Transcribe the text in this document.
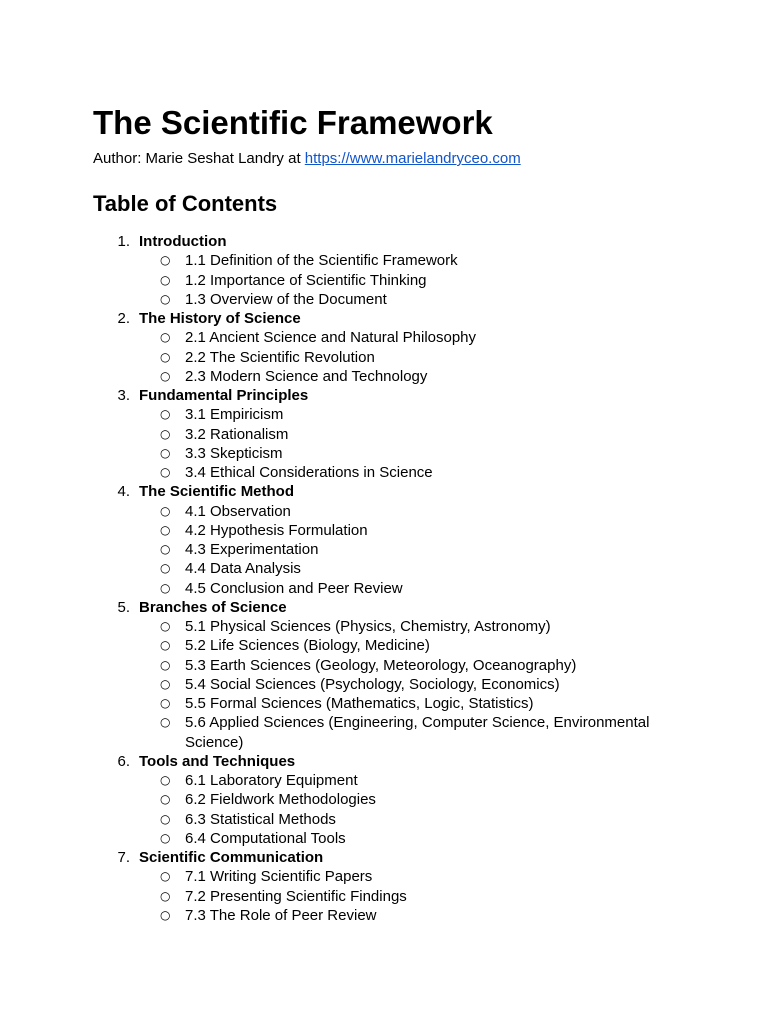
The Scientific Framework

Author: Marie Seshat Landry at https://www.marielandryceo.com

Table of Contents
1. Introduction
○ 1.1 Definition of the Scientific Framework
○ 1.2 Importance of Scientific Thinking
○ 1.3 Overview of the Document
2. The History of Science
○ 2.1 Ancient Science and Natural Philosophy
○ 2.2 The Scientific Revolution
○ 2.3 Modern Science and Technology
3. Fundamental Principles
○ 3.1 Empiricism
○ 3.2 Rationalism
○ 3.3 Skepticism
○ 3.4 Ethical Considerations in Science
4. The Scientific Method
○ 4.1 Observation
○ 4.2 Hypothesis Formulation
○ 4.3 Experimentation
○ 4.4 Data Analysis
○ 4.5 Conclusion and Peer Review
5. Branches of Science
○ 5.1 Physical Sciences (Physics, Chemistry, Astronomy)
○ 5.2 Life Sciences (Biology, Medicine)
○ 5.3 Earth Sciences (Geology, Meteorology, Oceanography)
○ 5.4 Social Sciences (Psychology, Sociology, Economics)
○ 5.5 Formal Sciences (Mathematics, Logic, Statistics)
○ 5.6 Applied Sciences (Engineering, Computer Science, Environmental Science)
6. Tools and Techniques
○ 6.1 Laboratory Equipment
○ 6.2 Fieldwork Methodologies
○ 6.3 Statistical Methods
○ 6.4 Computational Tools
7. Scientific Communication
○ 7.1 Writing Scientific Papers
○ 7.2 Presenting Scientific Findings
○ 7.3 The Role of Peer Review
